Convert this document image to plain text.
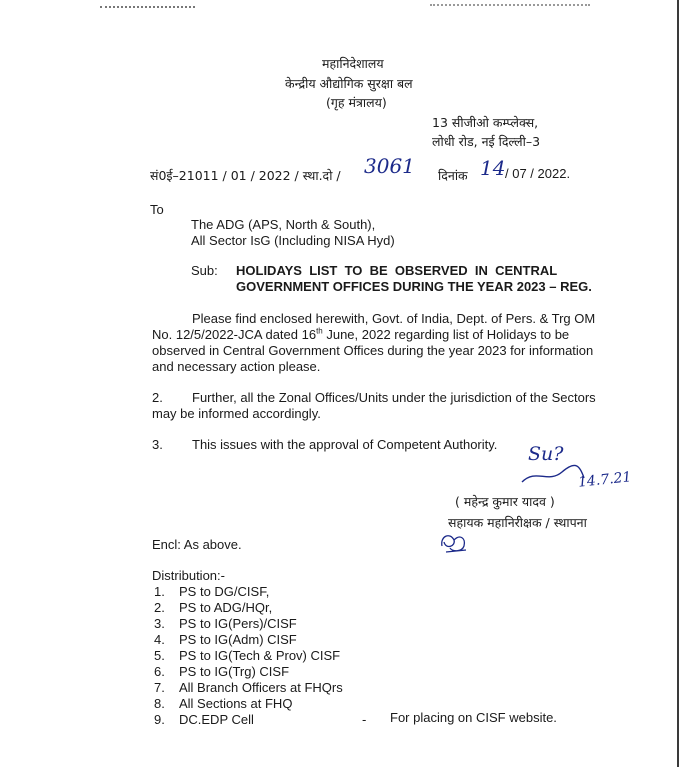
महानिदेशालय
केन्द्रीय औद्योगिक सुरक्षा बल
(गृह मंत्रालय)
13 सीजीओ कम्प्लेक्स,
लोधी रोड, नई दिल्ली–3
सं0ई–21011 / 01 / 2022 / स्था.दो / 3061 दिनांक 14 / 07 / 2022.
To
The ADG (APS, North & South),
All Sector IsG (Including NISA Hyd)
Sub: HOLIDAYS  LIST  TO  BE  OBSERVED  IN  CENTRAL
GOVERNMENT OFFICES DURING THE YEAR 2023 – REG.
Please find enclosed herewith, Govt. of India, Dept. of Pers. & Trg OM
No. 12/5/2022-JCA dated 16th June, 2022 regarding list of Holidays to be
observed in Central Government Offices during the year 2023 for information
and necessary action please.
2. Further, all the Zonal Offices/Units under the jurisdiction of the Sectors
may be informed accordingly.
3. This issues with the approval of Competent Authority. Su?
14.7.21
( महेन्द्र कुमार यादव )
सहायक महानिरीक्षक / स्थापना
Encl: As above.
Distribution:-
1. PS to DG/CISF,
2. PS to ADG/HQr,
3. PS to IG(Pers)/CISF
4. PS to IG(Adm) CISF
5. PS to IG(Tech & Prov) CISF
6. PS to IG(Trg) CISF
7. All Branch Officers at FHQrs
8. All Sections at FHQ
9. DC.EDP Cell	- For placing on CISF website.
